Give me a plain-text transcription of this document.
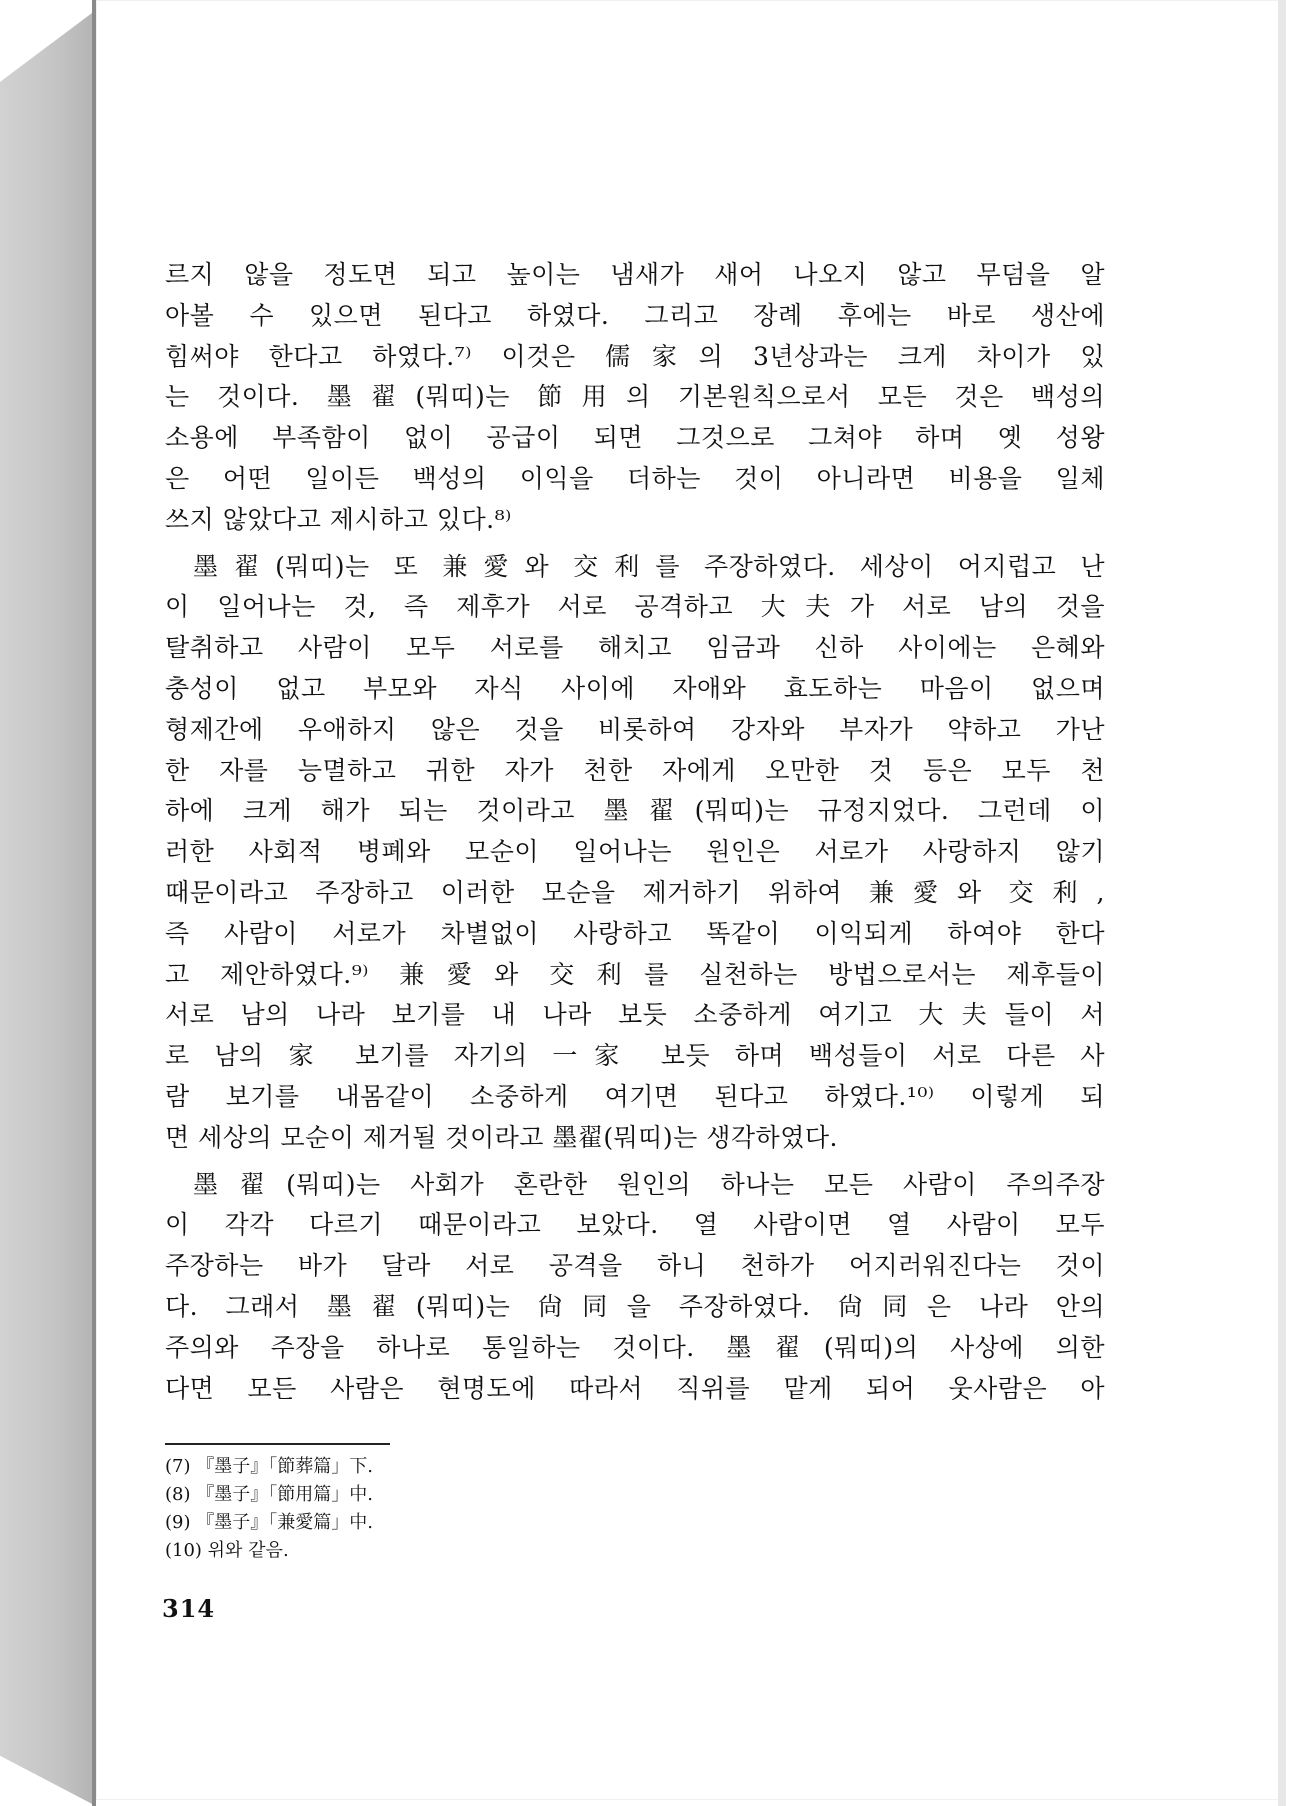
르지 않을 정도면 되고 높이는 냄새가 새어 나오지 않고 무덤을 알
아볼 수 있으면 된다고 하였다. 그리고 장례 후에는 바로 생산에
힘써야 한다고 하였다.⁷⁾ 이것은 儒家의 3년상과는 크게 차이가 있
는 것이다. 墨翟(뭐띠)는 節用의 기본원칙으로서 모든 것은 백성의
소용에 부족함이 없이 공급이 되면 그것으로 그쳐야 하며 옛 성왕
은 어떤 일이든 백성의 이익을 더하는 것이 아니라면 비용을 일체
쓰지 않았다고 제시하고 있다.⁸⁾
墨翟(뭐띠)는 또 兼愛와 交利를 주장하였다. 세상이 어지럽고 난
이 일어나는 것, 즉 제후가 서로 공격하고 大夫가 서로 남의 것을
탈취하고 사람이 모두 서로를 해치고 임금과 신하 사이에는 은혜와
충성이 없고 부모와 자식 사이에 자애와 효도하는 마음이 없으며
형제간에 우애하지 않은 것을 비롯하여 강자와 부자가 약하고 가난
한 자를 능멸하고 귀한 자가 천한 자에게 오만한 것 등은 모두 천
하에 크게 해가 되는 것이라고 墨翟(뭐띠)는 규정지었다. 그런데 이
러한 사회적 병폐와 모순이 일어나는 원인은 서로가 사랑하지 않기
때문이라고 주장하고 이러한 모순을 제거하기 위하여 兼愛와 交利,
즉 사람이 서로가 차별없이 사랑하고 똑같이 이익되게 하여야 한다
고 제안하였다.⁹⁾ 兼愛와 交利를 실천하는 방법으로서는 제후들이
서로 남의 나라 보기를 내 나라 보듯 소중하게 여기고 大夫들이 서
로 남의 家 보기를 자기의 一家 보듯 하며 백성들이 서로 다른 사
람 보기를 내몸같이 소중하게 여기면 된다고 하였다.¹⁰⁾ 이렇게 되
면 세상의 모순이 제거될 것이라고 墨翟(뭐띠)는 생각하였다.
墨翟(뭐띠)는 사회가 혼란한 원인의 하나는 모든 사람이 주의주장
이 각각 다르기 때문이라고 보았다. 열 사람이면 열 사람이 모두
주장하는 바가 달라 서로 공격을 하니 천하가 어지러워진다는 것이
다. 그래서 墨翟(뭐띠)는 尙同을 주장하였다. 尙同은 나라 안의
주의와 주장을 하나로 통일하는 것이다. 墨翟(뭐띠)의 사상에 의한
다면 모든 사람은 현명도에 따라서 직위를 맡게 되어 웃사람은 아
(7) 『墨子』「節葬篇」下.
(8) 『墨子』「節用篇」中.
(9) 『墨子』「兼愛篇」中.
(10) 위와 같음.
314
